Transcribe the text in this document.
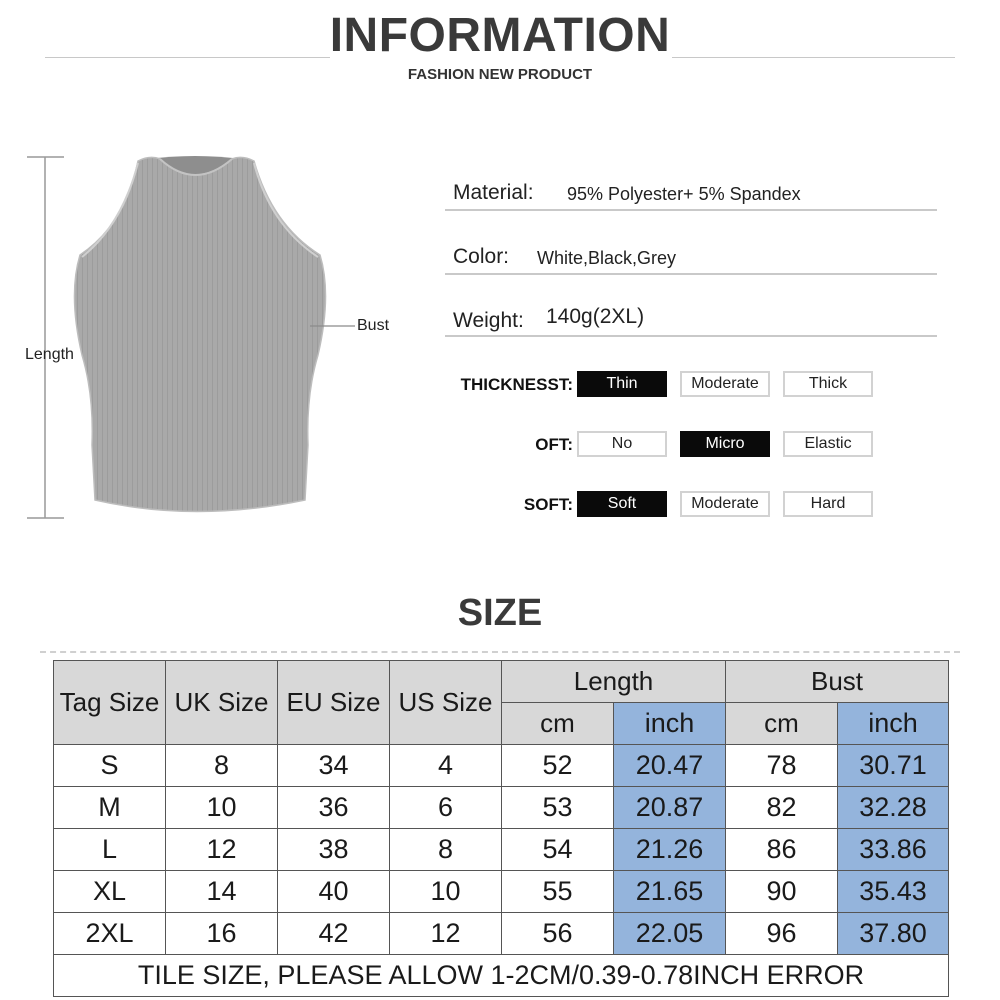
INFORMATION
FASHION NEW PRODUCT
Length
Bust
Material: 95% Polyester+ 5% Spandex
Color: White,Black,Grey
Weight: 140g(2XL)
THICKNESST:	Thin	Moderate	Thick
OFT:	No	Micro	Elastic
SOFT:	Soft	Moderate	Hard
SIZE
Tag Size	UK Size	EU Size	US Size	Length		Bust	
				cm	inch	cm	inch
S	8	34	4	52	20.47	78	30.71
M	10	36	6	53	20.87	82	32.28
L	12	38	8	54	21.26	86	33.86
XL	14	40	10	55	21.65	90	35.43
2XL	16	42	12	56	22.05	96	37.80
TILE SIZE, PLEASE ALLOW 1-2CM/0.39-0.78INCH ERROR							
